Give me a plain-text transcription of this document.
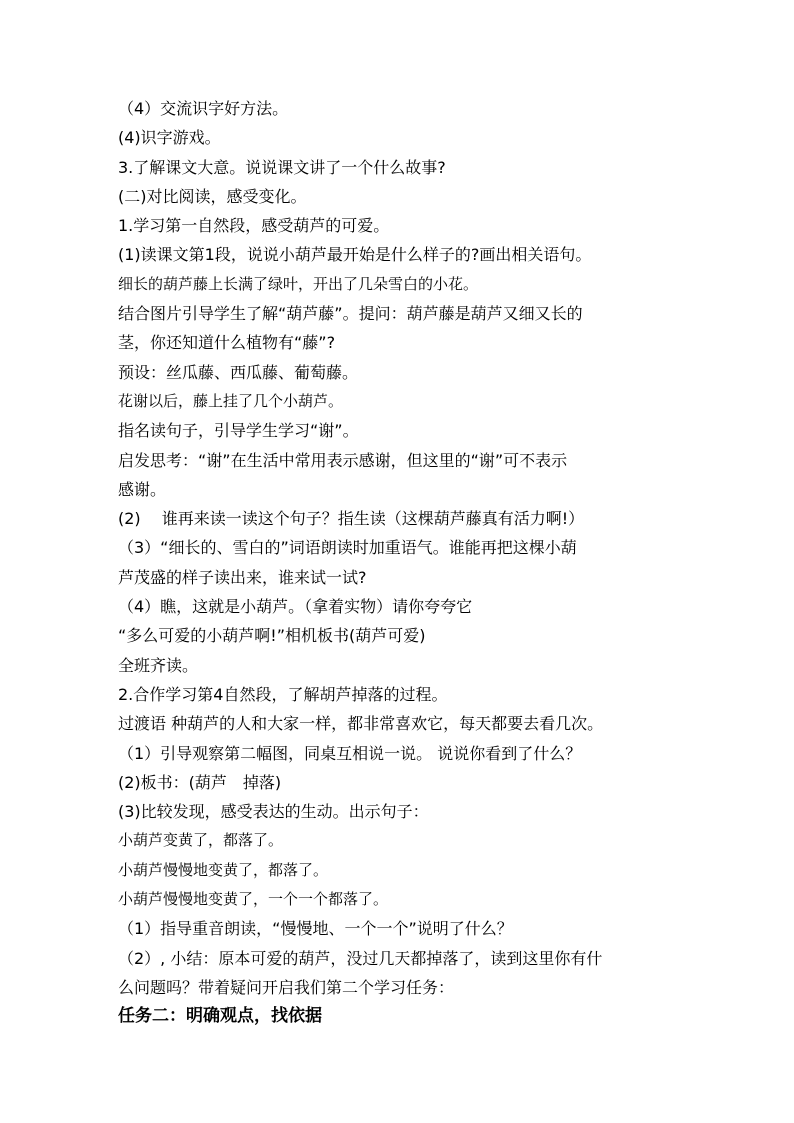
（4）交流识字好方法。
(4)识字游戏。
3.了解课文大意。说说课文讲了一个什么故事?
(二)对比阅读，感受变化。
1.学习第一自然段，感受葫芦的可爱。
(1)读课文第1段，说说小葫芦最开始是什么样子的?画出相关语句。
细长的葫芦藤上长满了绿叶，开出了几朵雪白的小花。
结合图片引导学生了解“葫芦藤”。提问：葫芦藤是葫芦又细又长的
茎，你还知道什么植物有“藤”?
预设：丝瓜藤、西瓜藤、葡萄藤。
花谢以后，藤上挂了几个小葫芦。
指名读句子，引导学生学习“谢”。
启发思考：“谢”在生活中常用表示感谢，但这里的“谢”可不表示
感谢。
(2)　 谁再来读一读这个句子？指生读（这棵葫芦藤真有活力啊!）
（3）“细长的、雪白的”词语朗读时加重语气。谁能再把这棵小葫
芦茂盛的样子读出来，谁来试一试?
（4）瞧，这就是小葫芦。（拿着实物）请你夸夸它
“多么可爱的小葫芦啊!”相机板书(葫芦可爱)
全班齐读。
2.合作学习第4自然段，了解胡芦掉落的过程。
过渡语 种葫芦的人和大家一样，都非常喜欢它，每天都要去看几次。
（1）引导观察第二幅图，同桌互相说一说。 说说你看到了什么？
(2)板书：(葫芦　掉落)
(3)比较发现，感受表达的生动。出示句子：
小葫芦变黄了，都落了。
小葫芦慢慢地变黄了，都落了。
小葫芦慢慢地变黄了，一个一个都落了。
（1）指导重音朗读，“慢慢地、一个一个”说明了什么？
（2）, 小结：原本可爱的葫芦，没过几天都掉落了，读到这里你有什
么问题吗？带着疑问开启我们第二个学习任务：
任务二：明确观点，找依据
